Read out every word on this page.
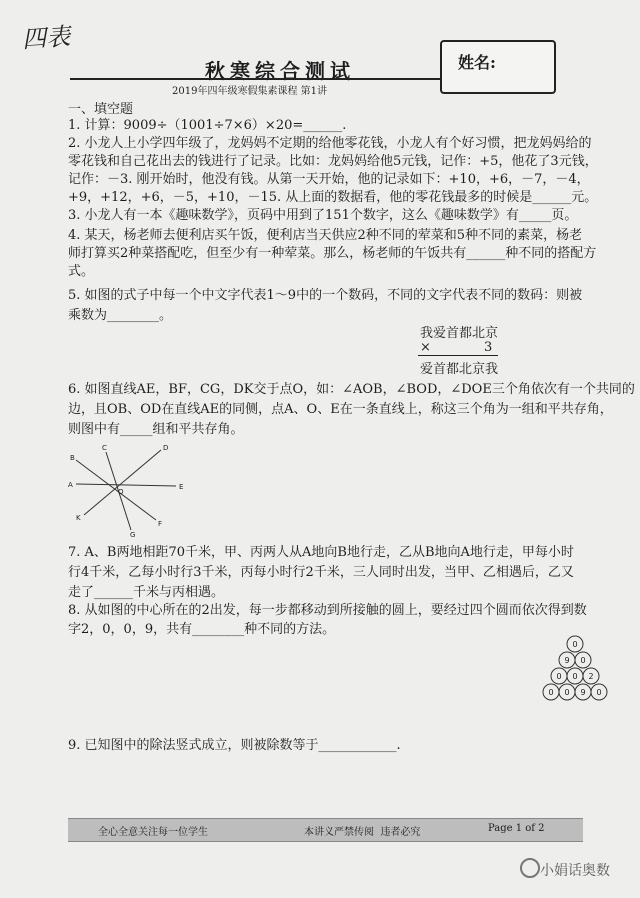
四表
秋寒综合测试
2019年四年级寒假集素课程 第1讲
姓名:
一、填空题
1. 计算：9009÷（1001÷7×6）×20=______.
2. 小龙人上小学四年级了，龙妈妈不定期的给他零花钱，小龙人有个好习惯，把龙妈妈给的
零花钱和自己花出去的钱进行了记录。比如：龙妈妈给他5元钱，记作：+5，他花了3元钱，
记作：－3. 刚开始时，他没有钱。从第一天开始，他的记录如下：+10，+6，－7，－4，
+9，+12，+6，－5，+10，－15. 从上面的数据看，他的零花钱最多的时候是______元。
3. 小龙人有一本《趣味数学》，页码中用到了151个数字，这么《趣味数学》有_____页。
4. 某天，杨老师去便利店买午饭，便利店当天供应2种不同的荤菜和5种不同的素菜，杨老
师打算买2种菜搭配吃，但至少有一种荤菜。那么，杨老师的午饭共有______种不同的搭配方
式。
5. 如图的式子中每一个中文字代表1～9中的一个数码，不同的文字代表不同的数码：则被
乘数为________。
我爱首都北京
×	3
爱首都北京我
6. 如图直线AE，BF，CG，DK交于点O，如：∠AOB，∠BOD，∠DOE三个角依次有一个共同的
边，且OB、OD在直线AE的同侧，点A、O、E在一条直线上，称这三个角为一组和平共存角，
则图中有_____组和平共存角。
A
B
C	D
E
F
G
K
O
7. A、B两地相距70千米，甲、丙两人从A地向B地行走，乙从B地向A地行走，甲每小时
行4千米，乙每小时行3千米，丙每小时行2千米，三人同时出发，当甲、乙相遇后，乙又
走了______千米与丙相遇。
8. 从如图的中心所在的2出发，每一步都移动到所接触的圆上，要经过四个圆而依次得到数
字2，0，0，9，共有________种不同的方法。
0
9 0
0 0 2
0 0 9 0
9. 已知图中的除法竖式成立，则被除数等于____________.
全心全意关注每一位学生	本讲义严禁传阅  违者必究	Page 1 of 2
小娟话奥数
